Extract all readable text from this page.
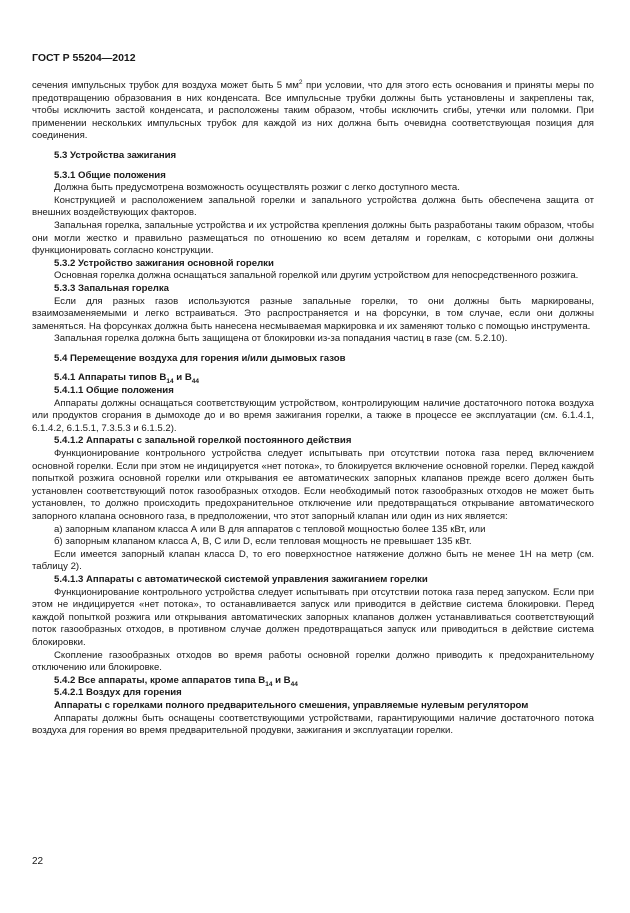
ГОСТ Р 55204—2012

сечения импульсных трубок для воздуха может быть 5 $мм^2$ при условии, что для этого есть основания и приняты меры по предотвращению образования в них конденсата. Все импульсные трубки должны быть установлены и закреплены так, чтобы исключить застой конденсата, и расположены таким образом, чтобы исключить сгибы, утечки или поломки. При применении нескольких импульсных трубок для каждой из них должна быть очевидна соответствующая позиция для соединения.

5.3 Устройства зажигания

5.3.1 Общие положения

Должна быть предусмотрена возможность осуществлять розжиг с легко доступного места.

Конструкцией и расположением запальной горелки и запального устройства должна быть обеспечена защита от внешних воздействующих факторов.

Запальная горелка, запальные устройства и их устройства крепления должны быть разработаны таким образом, чтобы они могли жестко и правильно размещаться по отношению ко всем деталям и горелкам, с которыми они должны функционировать согласно конструкции.

5.3.2 Устройство зажигания основной горелки

Основная горелка должна оснащаться запальной горелкой или другим устройством для непосредственного розжига.

5.3.3 Запальная горелка

Если для разных газов используются разные запальные горелки, то они должны быть маркированы, взаимозаменяемыми и легко встраиваться. Это распространяется и на форсунки, в том случае, если они должны заменяться. На форсунках должна быть нанесена несмываемая маркировка и их заменяют только с помощью инструмента.

Запальная горелка должна быть защищена от блокировки из-за попадания частиц в газе (см. 5.2.10).

5.4 Перемещение воздуха для горения и/или дымовых газов

5.4.1 Аппараты типов $B_{14}$ и $B_{44}$

5.4.1.1 Общие положения

Аппараты должны оснащаться соответствующим устройством, контролирующим наличие достаточного потока воздуха или продуктов сгорания в дымоходе до и во время зажигания горелки, а также в процессе ее эксплуатации (см. 6.1.4.1, 6.1.4.2, 6.1.5.1, 7.3.5.3 и 6.1.5.2).

5.4.1.2 Аппараты с запальной горелкой постоянного действия

Функционирование контрольного устройства следует испытывать при отсутствии потока газа перед включением основной горелки. Если при этом не индицируется «нет потока», то блокируется включение основной горелки. Перед каждой попыткой розжига основной горелки или открывания ее автоматических запорных клапанов прежде всего должен быть установлен соответствующий поток газообразных отходов. Если необходимый поток газообразных отходов не может быть установлен, то должно происходить предохранительное отключение или предотвращаться открывание автоматического запорного клапана основного газа, в предположении, что этот запорный клапан или один из них является:

а) запорным клапаном класса А или В для аппаратов с тепловой мощностью более 135 кВт, или

б) запорным клапаном класса А, В, С или D, если тепловая мощность не превышает 135 кВт.

Если имеется запорный клапан класса D, то его поверхностное натяжение должно быть не менее 1Н на метр (см. таблицу 2).

5.4.1.3 Аппараты с автоматической системой управления зажиганием горелки

Функционирование контрольного устройства следует испытывать при отсутствии потока газа перед запуском. Если при этом не индицируется «нет потока», то останавливается запуск или приводится в действие система блокировки. Перед каждой попыткой розжига или открывания автоматических запорных клапанов должен устанавливаться соответствующий поток газообразных отходов, в противном случае должен предотвращаться запуск или приводиться в действие система блокировки.

Скопление газообразных отходов во время работы основной горелки должно приводить к предохранительному отключению или блокировке.

5.4.2 Все аппараты, кроме аппаратов типа $B_{14}$ и $B_{44}$

5.4.2.1 Воздух для горения

Аппараты с горелками полного предварительного смешения, управляемые нулевым регулятором

Аппараты должны быть оснащены соответствующими устройствами, гарантирующими наличие достаточного потока воздуха для горения во время предварительной продувки, зажигания и эксплуатации горелки.

22
